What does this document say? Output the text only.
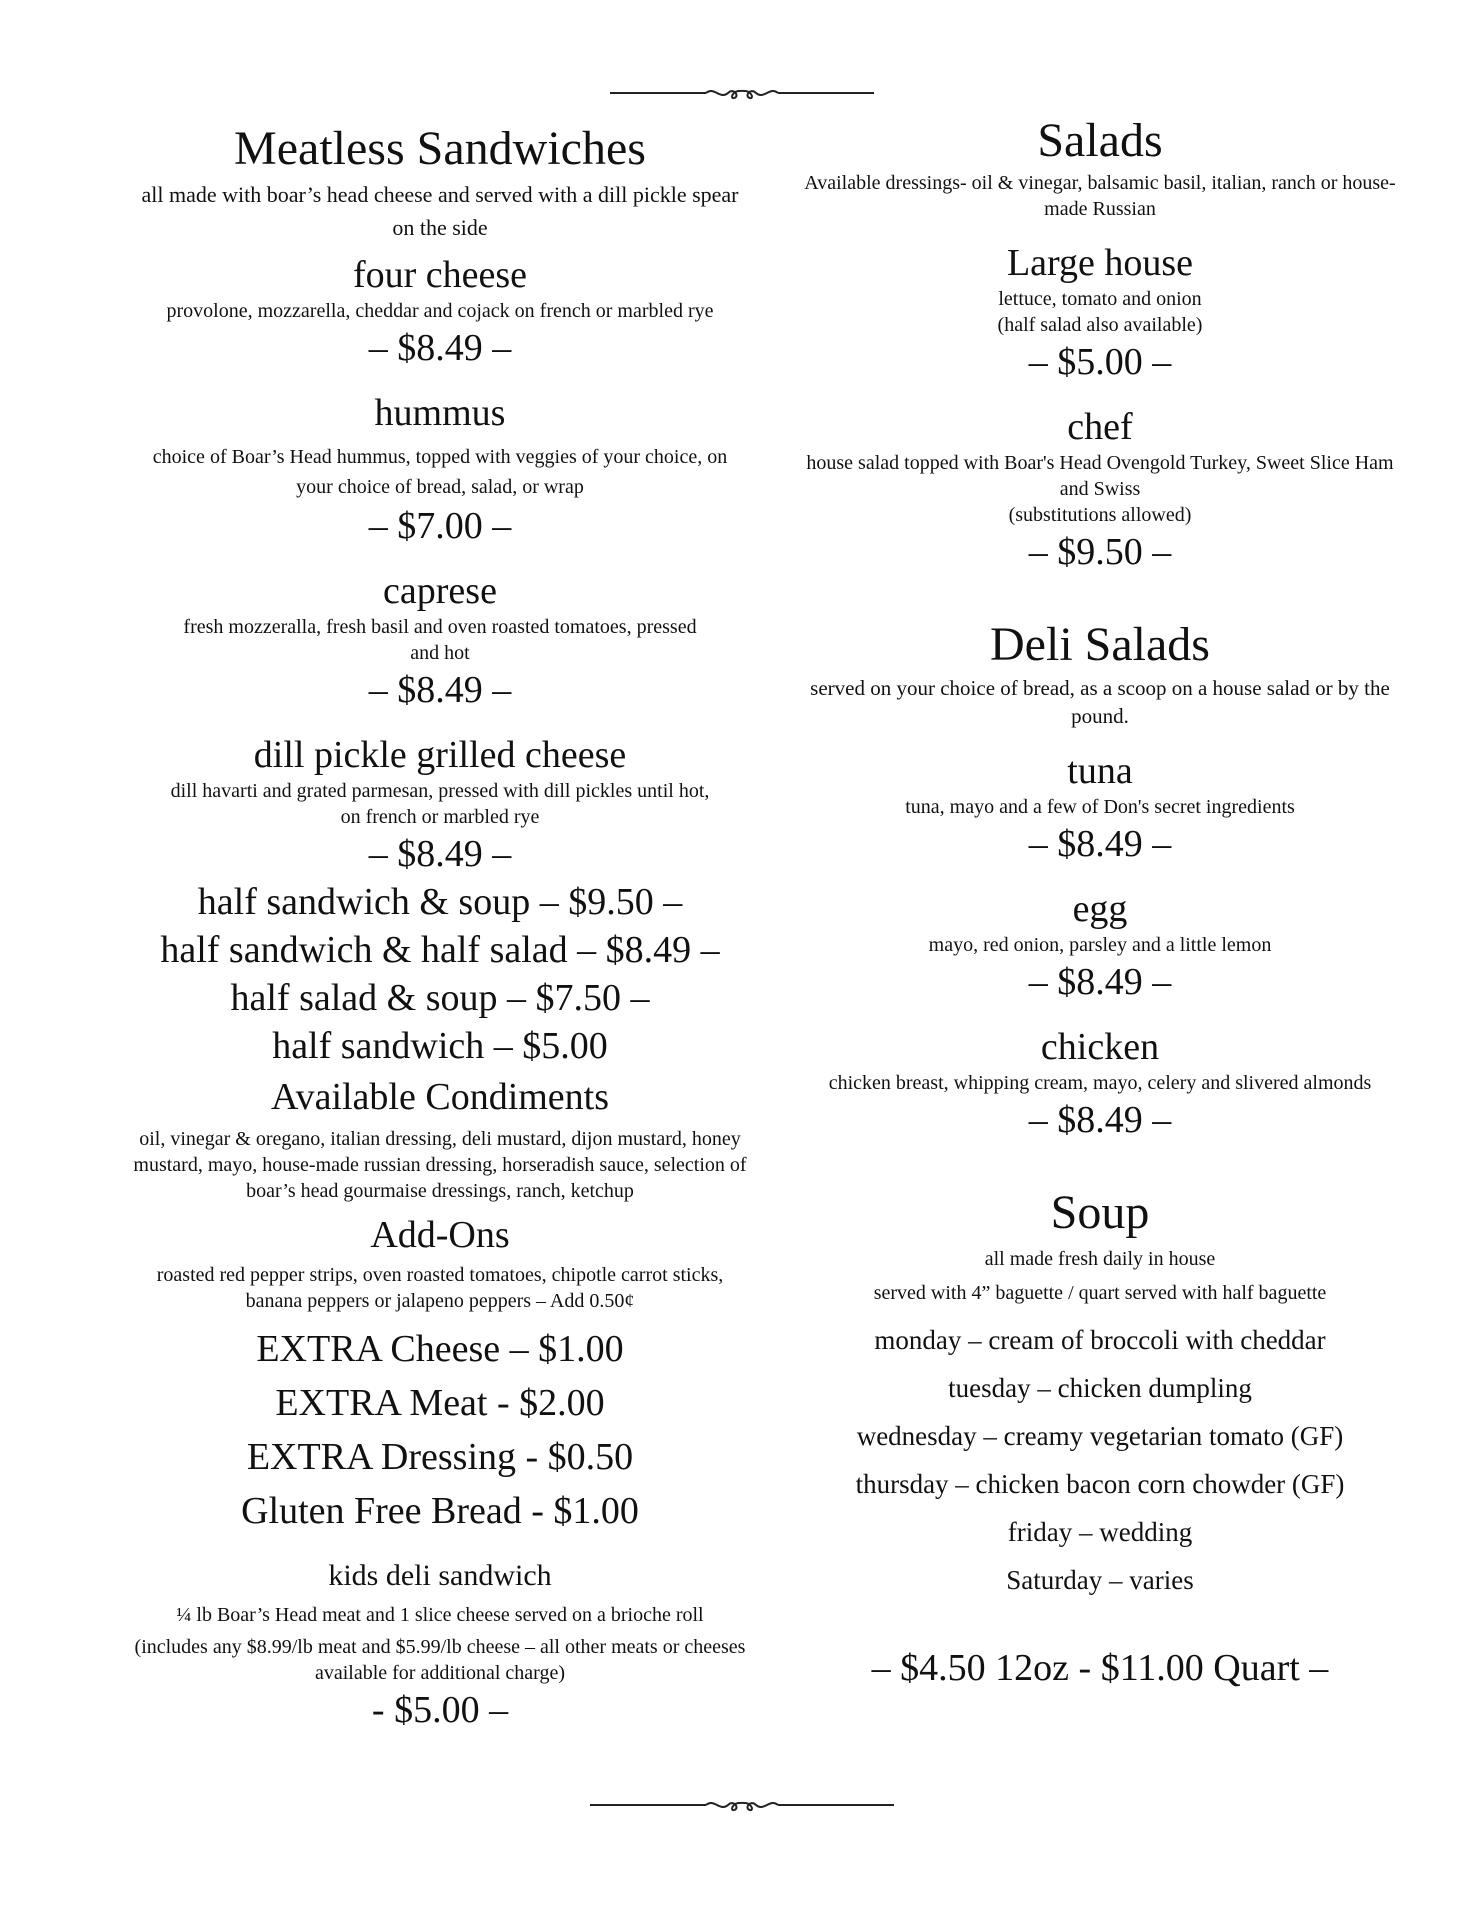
Meatless Sandwiches
all made with boar’s head cheese and served with a dill pickle spear on the side
four cheese
provolone, mozzarella, cheddar and cojack on french or marbled rye
– $8.49 –
hummus
choice of Boar’s Head hummus, topped with veggies of your choice, on your choice of bread, salad, or wrap
– $7.00 –
caprese
fresh mozzeralla, fresh basil and oven roasted tomatoes, pressed and hot
– $8.49 –
dill pickle grilled cheese
dill havarti and grated parmesan, pressed with dill pickles until hot, on french or marbled rye
– $8.49 –
half sandwich & soup – $9.50 –
half sandwich & half salad – $8.49 –
half salad & soup – $7.50 –
half sandwich – $5.00
Available Condiments
oil, vinegar & oregano, italian dressing, deli mustard, dijon mustard, honey mustard, mayo, house-made russian dressing, horseradish sauce, selection of boar’s head gourmaise dressings, ranch, ketchup
Add-Ons
roasted red pepper strips, oven roasted tomatoes, chipotle carrot sticks, banana peppers or jalapeno peppers – Add 0.50¢
EXTRA Cheese – $1.00
EXTRA Meat - $2.00
EXTRA Dressing - $0.50
Gluten Free Bread - $1.00
kids deli sandwich
¼ lb Boar’s Head meat and 1 slice cheese served on a brioche roll
(includes any $8.99/lb meat and $5.99/lb cheese – all other meats or cheeses available for additional charge)
- $5.00 –
Salads
Available dressings- oil & vinegar, balsamic basil, italian, ranch or house-made Russian
Large house
lettuce, tomato and onion
(half salad also available)
– $5.00 –
chef
house salad topped with Boar's Head Ovengold Turkey, Sweet Slice Ham and Swiss
(substitutions allowed)
– $9.50 –
Deli Salads
served on your choice of bread, as a scoop on a house salad or by the pound.
tuna
tuna, mayo and a few of Don's secret ingredients
– $8.49 –
egg
mayo, red onion, parsley and a little lemon
– $8.49 –
chicken
chicken breast, whipping cream, mayo, celery and slivered almonds
– $8.49 –
Soup
all made fresh daily in house
served with 4” baguette / quart served with half baguette
monday – cream of broccoli with cheddar
tuesday – chicken dumpling
wednesday – creamy vegetarian tomato (GF)
thursday – chicken bacon corn chowder (GF)
friday – wedding
Saturday – varies
– $4.50 12oz - $11.00 Quart –
